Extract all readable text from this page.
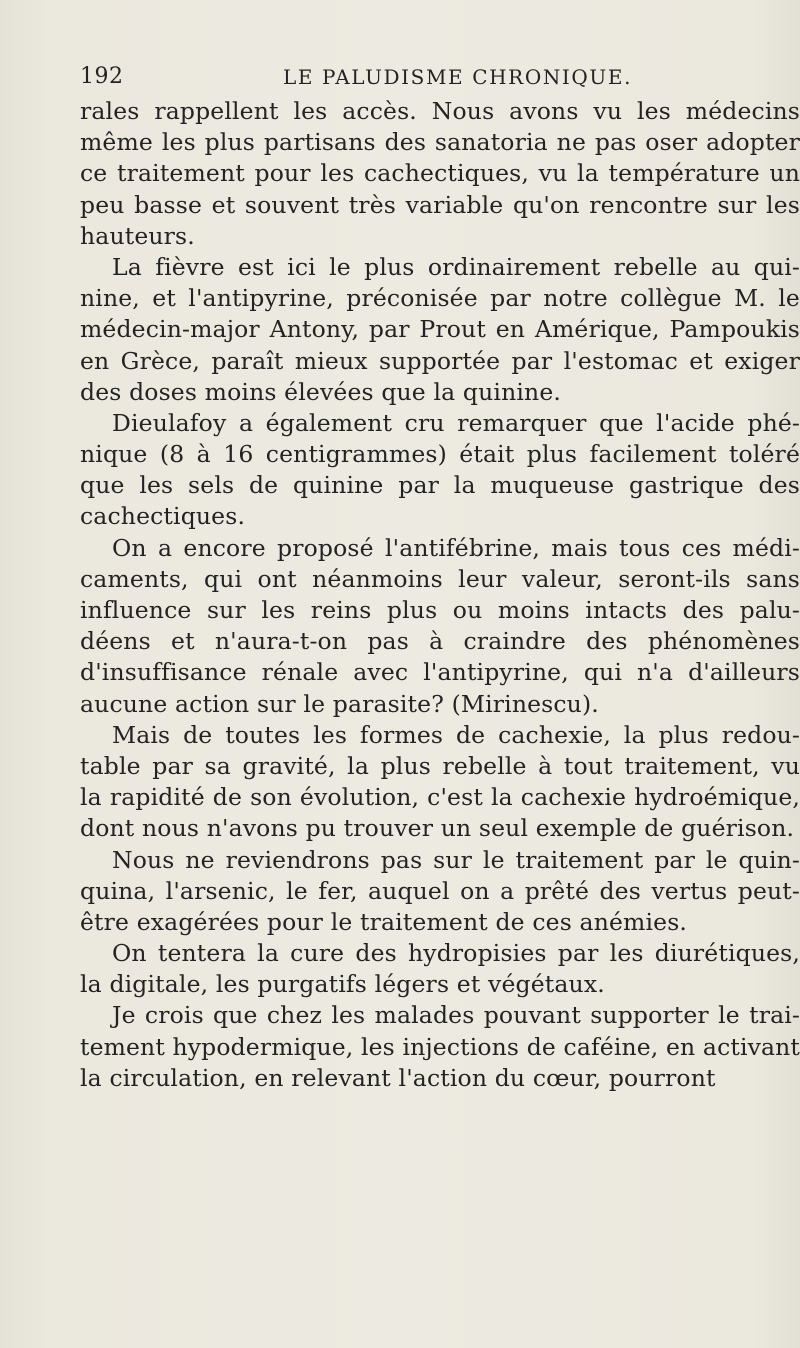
192	LE PALUDISME CHRONIQUE.
rales rappellent les accès. Nous avons vu les médecins
même les plus partisans des sanatoria ne pas oser adopter
ce traitement pour les cachectiques, vu la température un
peu basse et souvent très variable qu'on rencontre sur les
hauteurs.
La fièvre est ici le plus ordinairement rebelle au qui-
nine, et l'antipyrine, préconisée par notre collègue M. le
médecin-major Antony, par Prout en Amérique, Pampoukis
en Grèce, paraît mieux supportée par l'estomac et exiger
des doses moins élevées que la quinine.
Dieulafoy a également cru remarquer que l'acide phé-
nique (8 à 16 centigrammes) était plus facilement toléré
que les sels de quinine par la muqueuse gastrique des
cachectiques.
On a encore proposé l'antifébrine, mais tous ces médi-
caments, qui ont néanmoins leur valeur, seront-ils sans
influence sur les reins plus ou moins intacts des palu-
déens et n'aura-t-on pas à craindre des phénomènes
d'insuffisance rénale avec l'antipyrine, qui n'a d'ailleurs
aucune action sur le parasite? (Mirinescu).
Mais de toutes les formes de cachexie, la plus redou-
table par sa gravité, la plus rebelle à tout traitement, vu
la rapidité de son évolution, c'est la cachexie hydroémique,
dont nous n'avons pu trouver un seul exemple de guérison.
Nous ne reviendrons pas sur le traitement par le quin-
quina, l'arsenic, le fer, auquel on a prêté des vertus peut-
être exagérées pour le traitement de ces anémies.
On tentera la cure des hydropisies par les diurétiques,
la digitale, les purgatifs légers et végétaux.
Je crois que chez les malades pouvant supporter le trai-
tement hypodermique, les injections de caféine, en activant
la circulation, en relevant l'action du cœur, pourront
